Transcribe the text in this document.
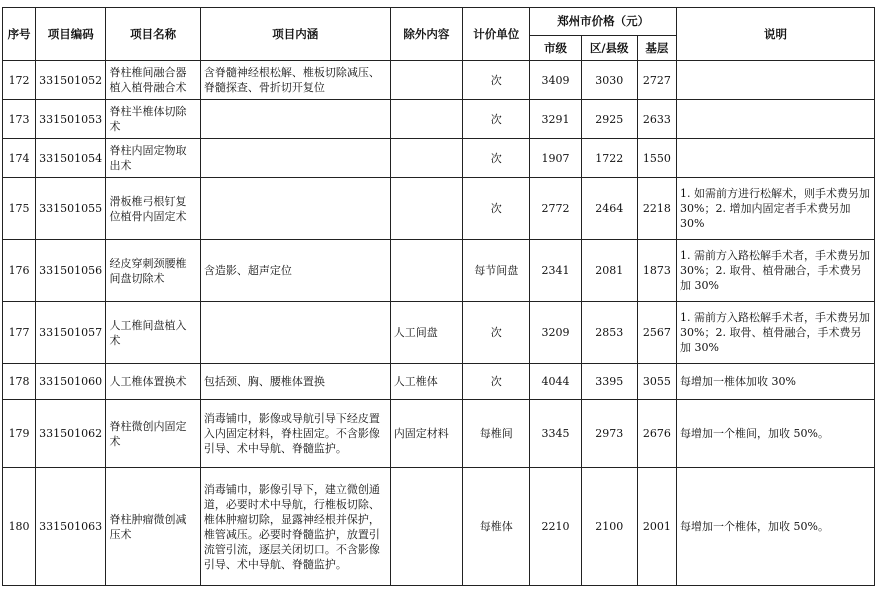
序号	项目编码	项目名称	项目内涵	除外内容	计价单位	郑州市价格（元）			说明
						市级	区/县级	基层	
172	331501052	脊柱椎间融合器植入植骨融合术	含脊髓神经根松解、椎板切除减压、脊髓探查、骨折切开复位		次	3409	3030	2727	
173	331501053	脊柱半椎体切除术			次	3291	2925	2633	
174	331501054	脊柱内固定物取出术			次	1907	1722	1550	
175	331501055	滑板椎弓根钉复位植骨内固定术			次	2772	2464	2218	1. 如需前方进行松解术，则手术费另加 30%；2. 增加内固定者手术费另加 30%
176	331501056	经皮穿刺颈腰椎间盘切除术	含造影、超声定位		每节间盘	2341	2081	1873	1. 需前方入路松解手术者，手术费另加 30%；2. 取骨、植骨融合，手术费另加 30%
177	331501057	人工椎间盘植入术		人工间盘	次	3209	2853	2567	1. 需前方入路松解手术者，手术费另加 30%；2. 取骨、植骨融合，手术费另加 30%
178	331501060	人工椎体置换术	包括颈、胸、腰椎体置换	人工椎体	次	4044	3395	3055	每增加一椎体加收 30%
179	331501062	脊柱微创内固定术	消毒铺巾，影像或导航引导下经皮置入内固定材料，脊柱固定。不含影像引导、术中导航、脊髓监护。	内固定材料	每椎间	3345	2973	2676	每增加一个椎间，加收 50%。
180	331501063	脊柱肿瘤微创减压术	消毒铺巾，影像引导下，建立微创通道，必要时术中导航，行椎板切除、椎体肿瘤切除，显露神经根并保护，椎管减压。必要时脊髓监护，放置引流管引流，逐层关闭切口。不含影像引导、术中导航、脊髓监护。		每椎体	2210	2100	2001	每增加一个椎体，加收 50%。
